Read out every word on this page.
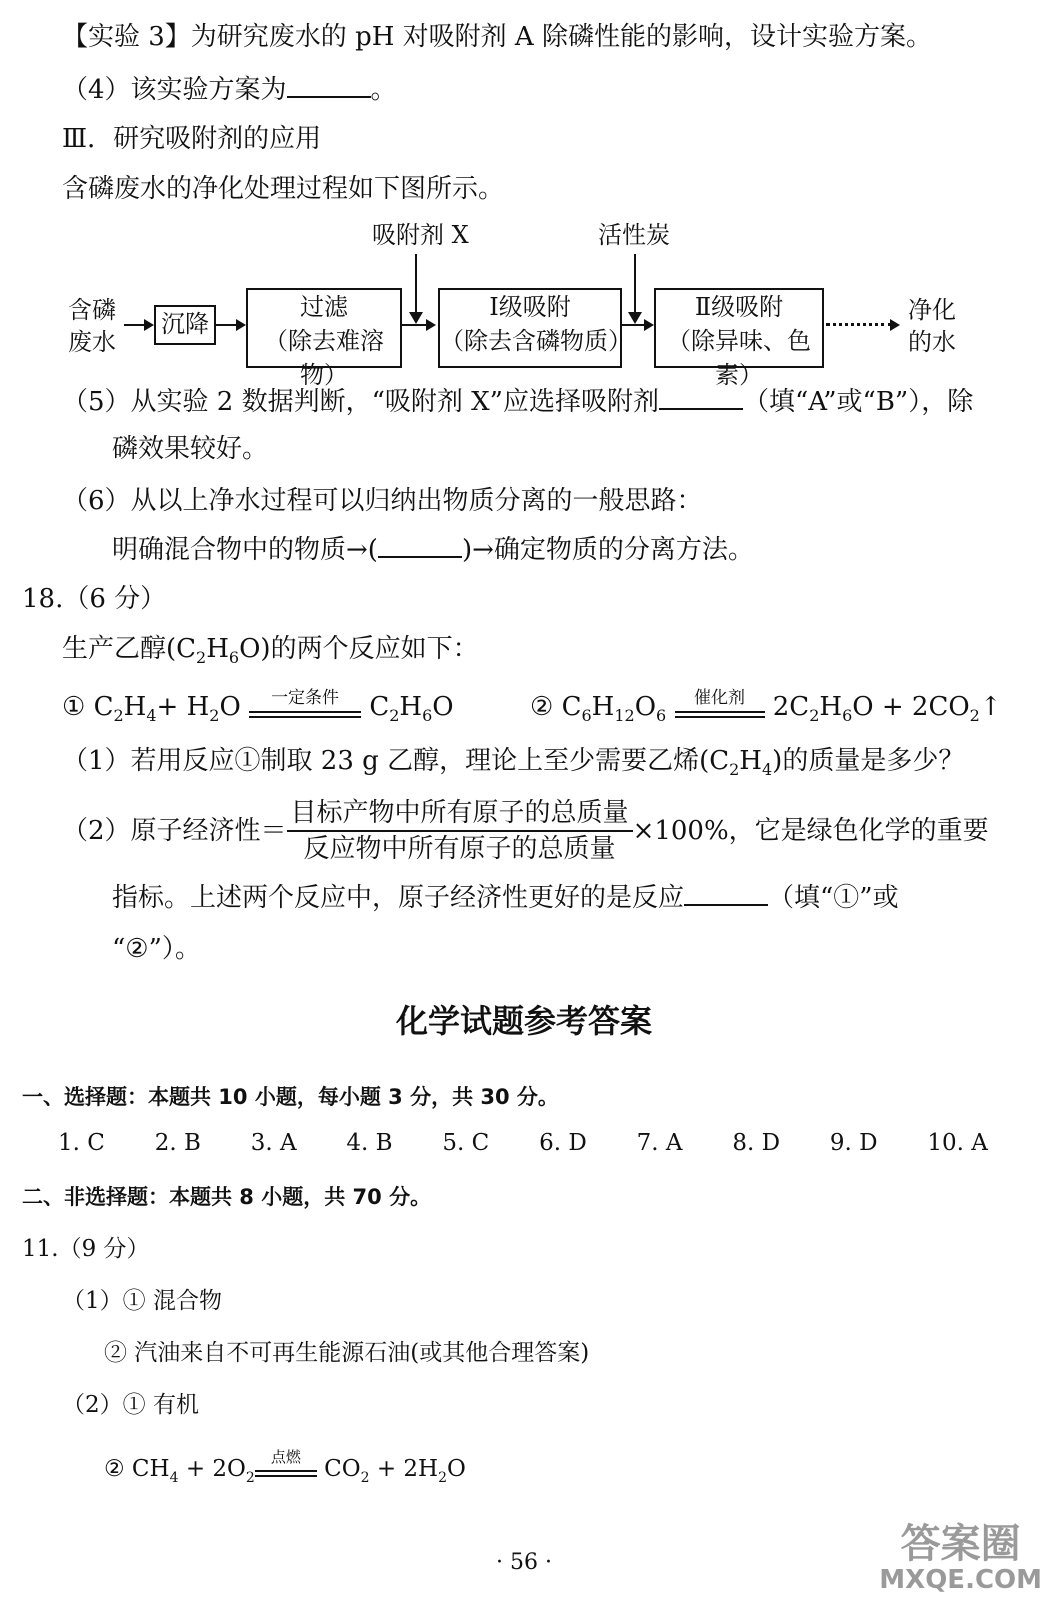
【实验 3】为研究废水的 pH 对吸附剂 A 除磷性能的影响，设计实验方案。
（4）该实验方案为	。
Ⅲ．研究吸附剂的应用
含磷废水的净化处理过程如下图所示。
吸附剂 X	活性炭
含磷
废水
沉降
过滤
（除去难溶物）
Ⅰ级吸附
（除去含磷物质）
Ⅱ级吸附
（除异味、色素）
净化
的水
（5）从实验 2 数据判断，“吸附剂 X”应选择吸附剂	（填“A”或“B”），除
磷效果较好。
（6）从以上净水过程可以归纳出物质分离的一般思路：
明确混合物中的物质→(	)→确定物质的分离方法。
18.（6 分）
生产乙醇$(C_2H_6O)$的两个反应如下：
① $C_2H_4+ H_2O$	一定条件 $C_2H_6O$	② $C_6H_{12}O_6$
催化剂 $2C_2H_6O$ + $2CO_2↑$
（1）若用反应①制取 23 g 乙醇，理论上至少需要乙烯$(C_2H_4)$的质量是多少？
（2）原子经济性＝ $\frac{\text{目标产物中所有原子的总质量}}{\text{反应物中所有原子的总质量}} \times 100\%$，它是绿色化学的重要
指标。上述两个反应中，原子经济性更好的是反应	（填“①”或
“②”）。
化学试题参考答案
一、选择题：本题共 10 小题，每小题 3 分，共 30 分。
1. C 2. B 3. A 4. B 5. C 6. D 7. A 8. D 9. D 10. A
二、非选择题：本题共 8 小题，共 70 分。
11.（9 分）
（1）① 混合物
② 汽油来自不可再生能源石油(或其他合理答案)
（2）① 有机
② $CH_4 + 2O_2$
点燃 $CO_2 + 2H_2O$
· 56 ·	答案圈
MXQE.COM
